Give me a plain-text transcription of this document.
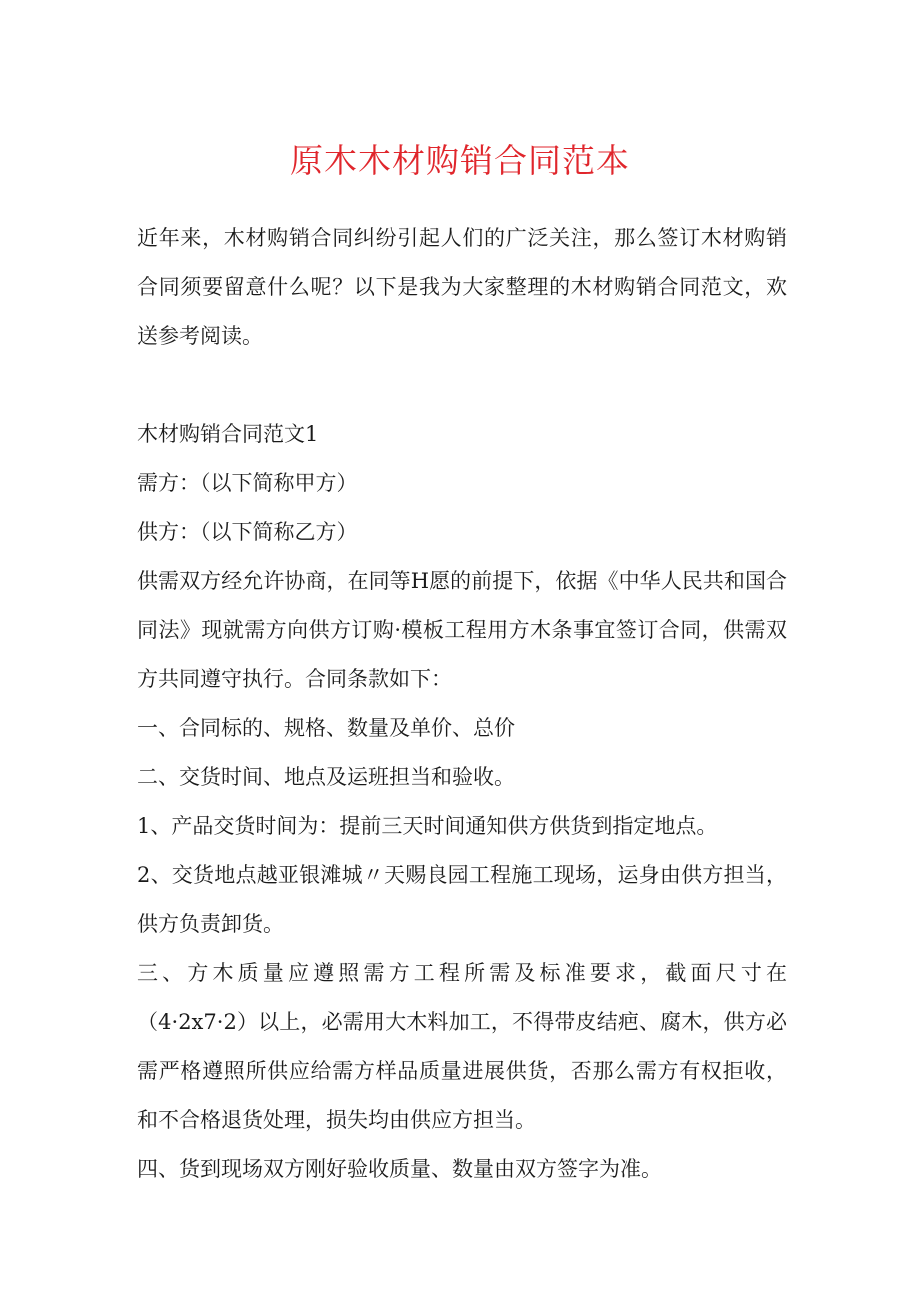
原木木材购销合同范本

近年来，木材购销合同纠纷引起人们的广泛关注，那么签订木材购销合同须要留意什么呢？以下是我为大家整理的木材购销合同范文，欢送参考阅读。

木材购销合同范文1

需方：（以下简称甲方）

供方：（以下简称乙方）

供需双方经允许协商，在同等H愿的前提下，依据《中华人民共和国合同法》现就需方向供方订购·模板工程用方木条事宜签订合同，供需双方共同遵守执行。合同条款如下：

一、合同标的、规格、数量及单价、总价

二、交货时间、地点及运班担当和验收。

1、产品交货时间为：提前三天时间通知供方供货到指定地点。

2、交货地点越亚银滩城〃天赐良园工程施工现场，运身由供方担当，供方负责卸货。

三、方木质量应遵照需方工程所需及标准要求，截面尺寸在（4·2x7·2）以上，必需用大木料加工，不得带皮结疤、腐木，供方必需严格遵照所供应给需方样品质量进展供货，否那么需方有权拒收，和不合格退货处理，损失均由供应方担当。

四、货到现场双方刚好验收质量、数量由双方签字为准。
